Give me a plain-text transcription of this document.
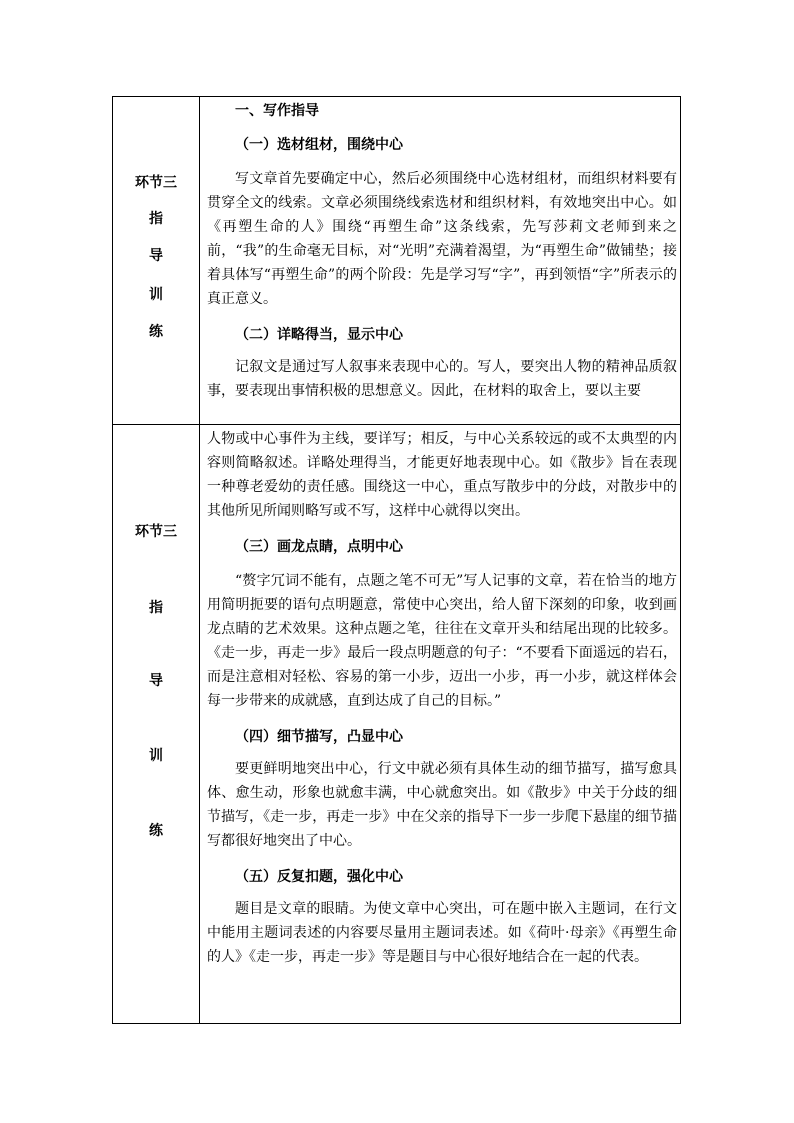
环节三
指
导
训
练
环节三
指
导
训
练

一、写作指导

（一）选材组材，围绕中心

写文章首先要确定中心，然后必须围绕中心选材组材，而组织材料要有贯穿全文的线索。文章必须围绕线索选材和组织材料，有效地突出中心。如《再塑生命的人》围绕“再塑生命”这条线索，先写莎莉文老师到来之前，“我”的生命毫无目标，对“光明”充满着渴望，为“再塑生命”做铺垫；接着具体写“再塑生命”的两个阶段：先是学习写“字”，再到领悟“字”所表示的真正意义。

（二）详略得当，显示中心

记叙文是通过写人叙事来表现中心的。写人，要突出人物的精神品质叙事，要表现出事情积极的思想意义。因此，在材料的取舍上，要以主要

人物或中心事件为主线，要详写；相反，与中心关系较远的或不太典型的内容则简略叙述。详略处理得当，才能更好地表现中心。如《散步》旨在表现一种尊老爱幼的责任感。围绕这一中心，重点写散步中的分歧，对散步中的其他所见所闻则略写或不写，这样中心就得以突出。

（三）画龙点睛，点明中心

“赘字冗词不能有，点题之笔不可无”写人记事的文章，若在恰当的地方用简明扼要的语句点明题意，常使中心突出，给人留下深刻的印象，收到画龙点睛的艺术效果。这种点题之笔，往往在文章开头和结尾出现的比较多。《走一步，再走一步》最后一段点明题意的句子：“不要看下面遥远的岩石，而是注意相对轻松、容易的第一小步，迈出一小步，再一小步，就这样体会每一步带来的成就感，直到达成了自己的目标。”

（四）细节描写，凸显中心

要更鲜明地突出中心，行文中就必须有具体生动的细节描写，描写愈具体、愈生动，形象也就愈丰满，中心就愈突出。如《散步》中关于分歧的细节描写，《走一步，再走一步》中在父亲的指导下一步一步爬下悬崖的细节描写都很好地突出了中心。

（五）反复扣题，强化中心

题目是文章的眼睛。为使文章中心突出，可在题中嵌入主题词，在行文中能用主题词表述的内容要尽量用主题词表述。如《荷叶·母亲》《再塑生命的人》《走一步，再走一步》等是题目与中心很好地结合在一起的代表。
